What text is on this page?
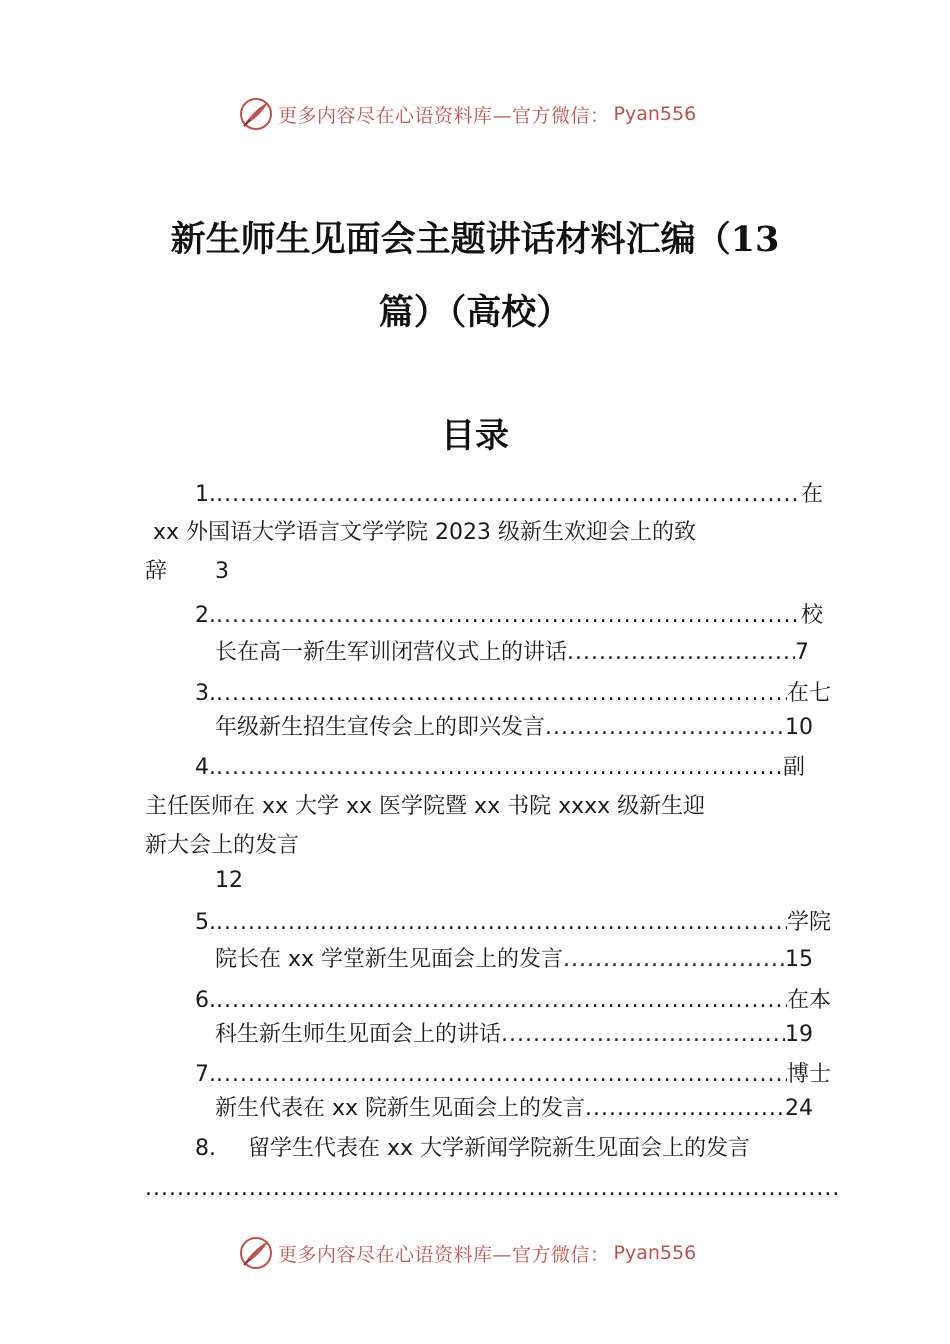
更多内容尽在心语资料库—官方微信： Pyan556
新生师生见面会主题讲话材料汇编（13
篇）（高校）
目录
1. .....	在
xx 外国语大学语言文学学院 2023 级新生欢迎会上的致
辞 3
2. .....	校
长在高一新生军训闭营仪式上的讲话 .....	7
3. .....	在七
年级新生招生宣传会上的即兴发言 .....	10
4. .....	副
主任医师在 xx 大学 xx 医学院暨 xx 书院 xxxx 级新生迎
新大会上的发言
12
5. .....	学院
院长在 xx 学堂新生见面会上的发言 .....	15
6. .....	在本
科生新生师生见面会上的讲话 .....	19
7. .....	博士
新生代表在 xx 院新生见面会上的发言 .....	24
8. 留学生代表在 xx 大学新闻学院新生见面会上的发言
.....
更多内容尽在心语资料库—官方微信： Pyan556
